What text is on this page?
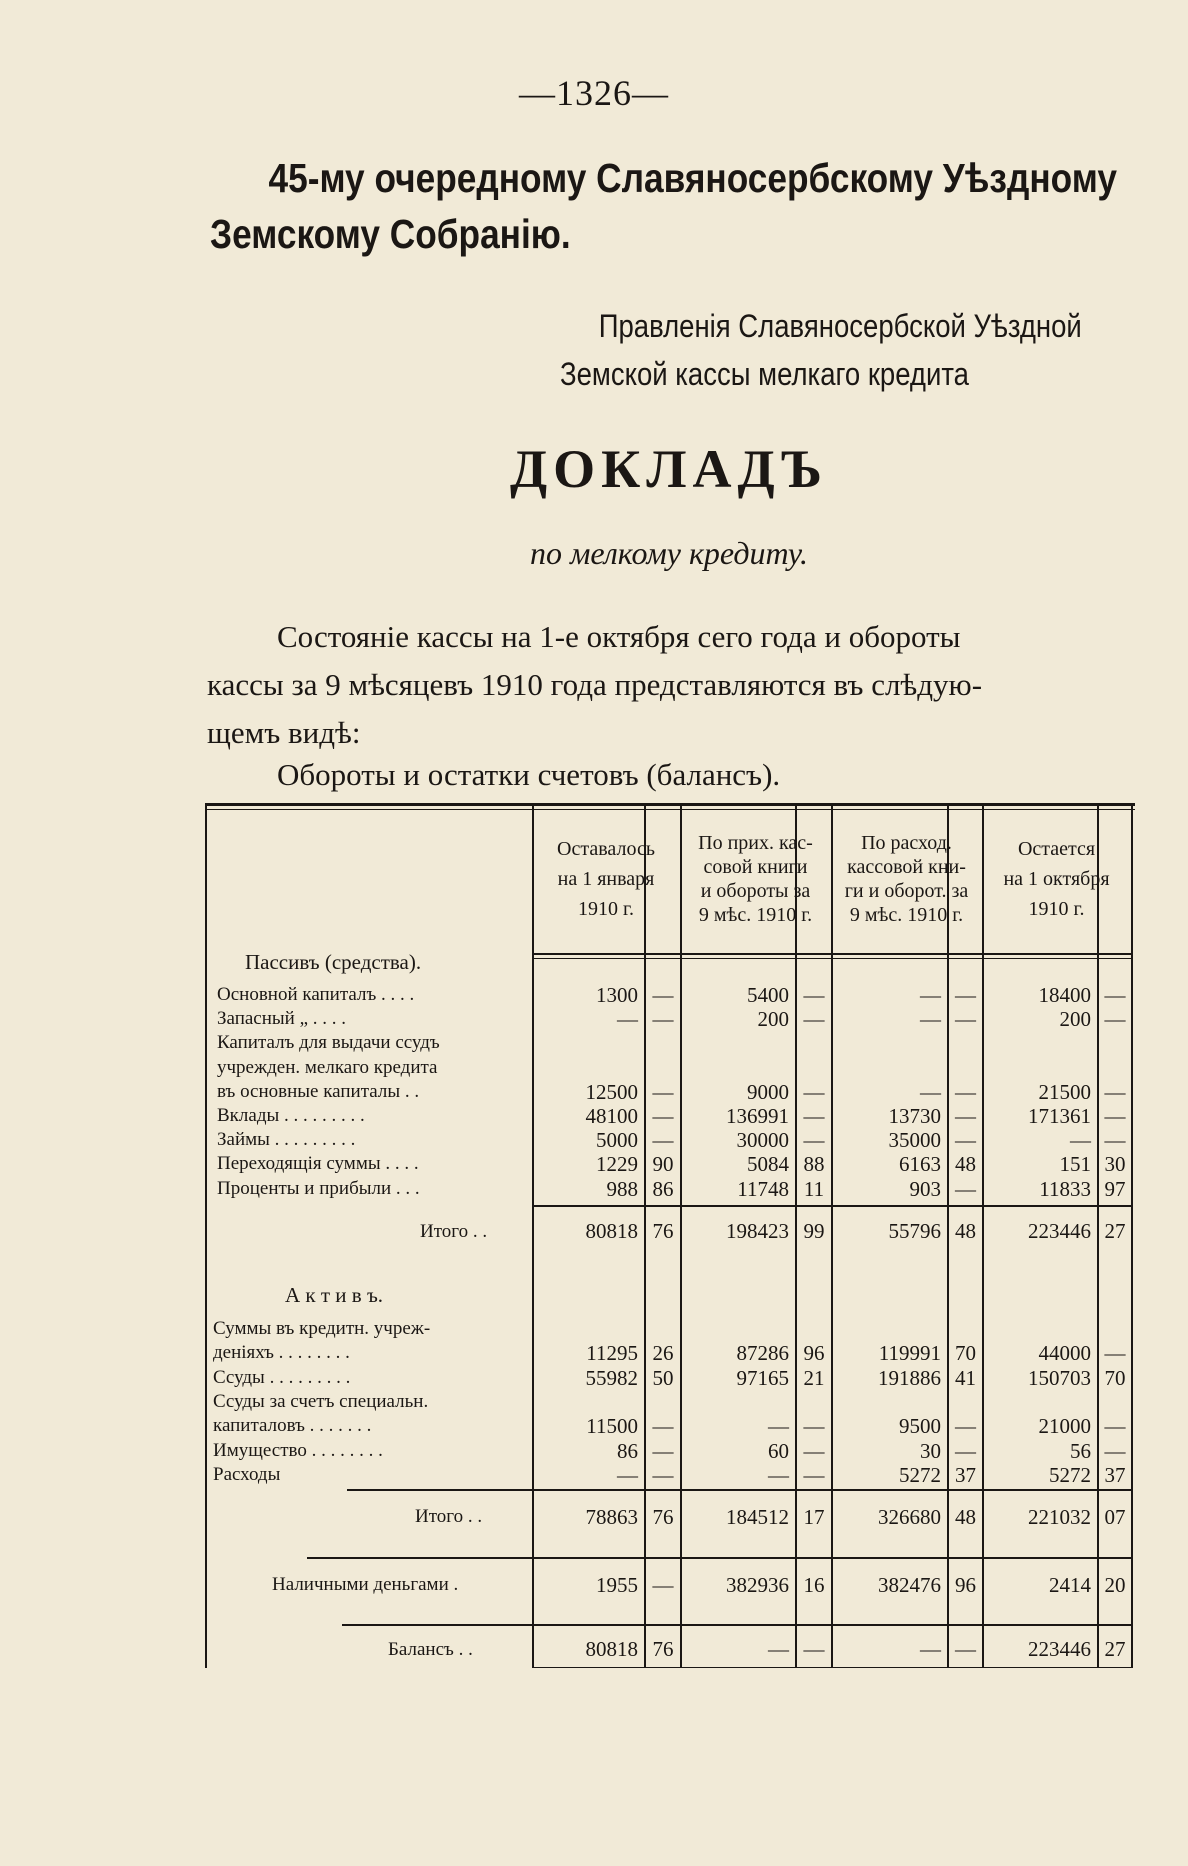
—1326—
45-му очередному Славяносербскому Уѣздному
Земскому Собранію.
Правленія Славяносербской Уѣздной
Земской кассы мелкаго кредита
ДОКЛАДЪ
по мелкому кредиту.
Состояніе кассы на 1-е октября сего года и обороты
кассы за 9 мѣсяцевъ 1910 года представляются въ слѣдую-
щемъ видѣ:
Обороты и остатки счетовъ (балансъ).
Оставалось
на 1 января
1910 г.
По прих. кас-
совой книги
и обороты за
9 мѣс. 1910 г.
По расход.
кассовой кни-
ги и оборот. за
9 мѣс. 1910 г.
Остается
на 1 октября
1910 г.
Пассивъ (средства).
Основной капиталъ . . . .	1300 —	5400 —	— —	18400 —
Запасный „ . . . .	— —	200 —	— —	200 —
Капиталъ для выдачи ссудъ
учрежден. мелкаго кредита
въ основные капиталы . .	12500 —	9000 —	— —	21500 —
Вклады . . . . . . . . .	48100 —	136991 —	13730 —	171361 —
Займы . . . . . . . . .	5000 —	30000 —	35000 —	— —
Переходящія суммы . . . .	1229 90	5084 88	6163 48	151 30
Проценты и прибыли . . .	988 86	11748 11	903 —	11833 97
Итого . .	80818 76	198423 99	55796 48	223446 27
А к т и в ъ.
Суммы въ кредитн. учреж-
деніяхъ . . . . . . . .	11295 26	87286 96	119991 70	44000 —
Ссуды . . . . . . . . .	55982 50	97165 21	191886 41	150703 70
Ссуды за счетъ специальн.
капиталовъ . . . . . . .	11500 —	— —	9500 —	21000 —
Имущество . . . . . . . .	86 —	60 —	30 —	56 —
Расходы	— —	— —	5272 37	5272 37
Итого . .	78863 76	184512 17	326680 48	221032 07
Наличными деньгами .	1955 —	382936 16	382476 96	2414 20
Балансъ . .	80818 76	— —	— —	223446 27
